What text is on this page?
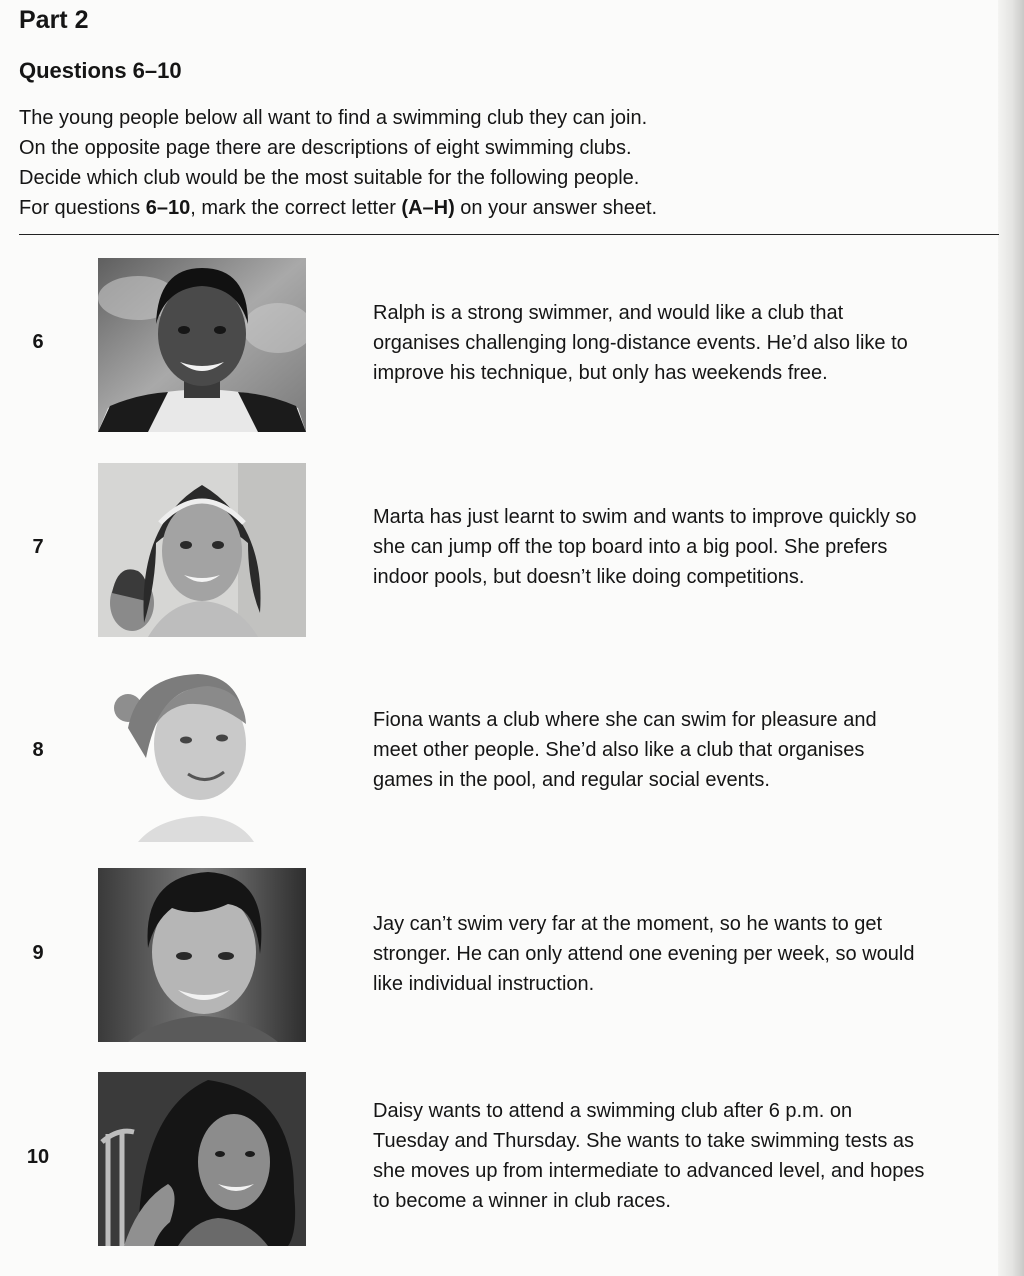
Part 2
Questions 6–10

The young people below all want to find a swimming club they can join.

On the opposite page there are descriptions of eight swimming clubs.

Decide which club would be the most suitable for the following people.

For questions 6–10, mark the correct letter (A–H) on your answer sheet.

6
Ralph is a strong swimmer, and would like a club that
organises challenging long-distance events. He’d also like to
improve his technique, but only has weekends free.
7
Marta has just learnt to swim and wants to improve quickly so
she can jump off the top board into a big pool. She prefers
indoor pools, but doesn’t like doing competitions.
8
Fiona wants a club where she can swim for pleasure and
meet other people. She’d also like a club that organises
games in the pool, and regular social events.
9
Jay can’t swim very far at the moment, so he wants to get
stronger. He can only attend one evening per week, so would
like individual instruction.
10
Daisy wants to attend a swimming club after 6 p.m. on
Tuesday and Thursday. She wants to take swimming tests as
she moves up from intermediate to advanced level, and hopes
to become a winner in club races.
